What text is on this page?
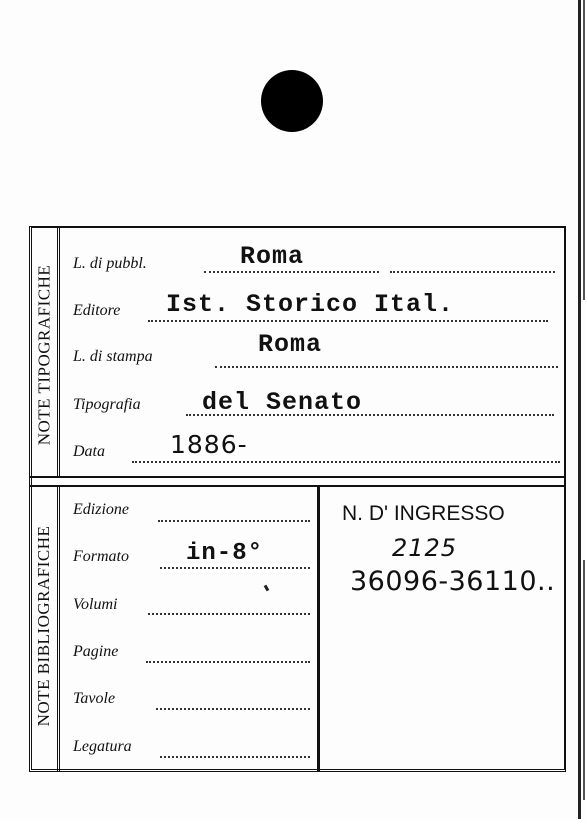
NOTE TIPOGRAFICHE
NOTE BIBLIOGRAFICHE
L. di pubbl.	Roma
Editore Ist. Storico Ital.
L. di stampa	Roma
Tipografia del Senato
Data	1886-
Edizione
Formato in-8°
Volumi
Pagine
Tavole
Legatura
N. D' INGRESSO
2125
36096-36110..
